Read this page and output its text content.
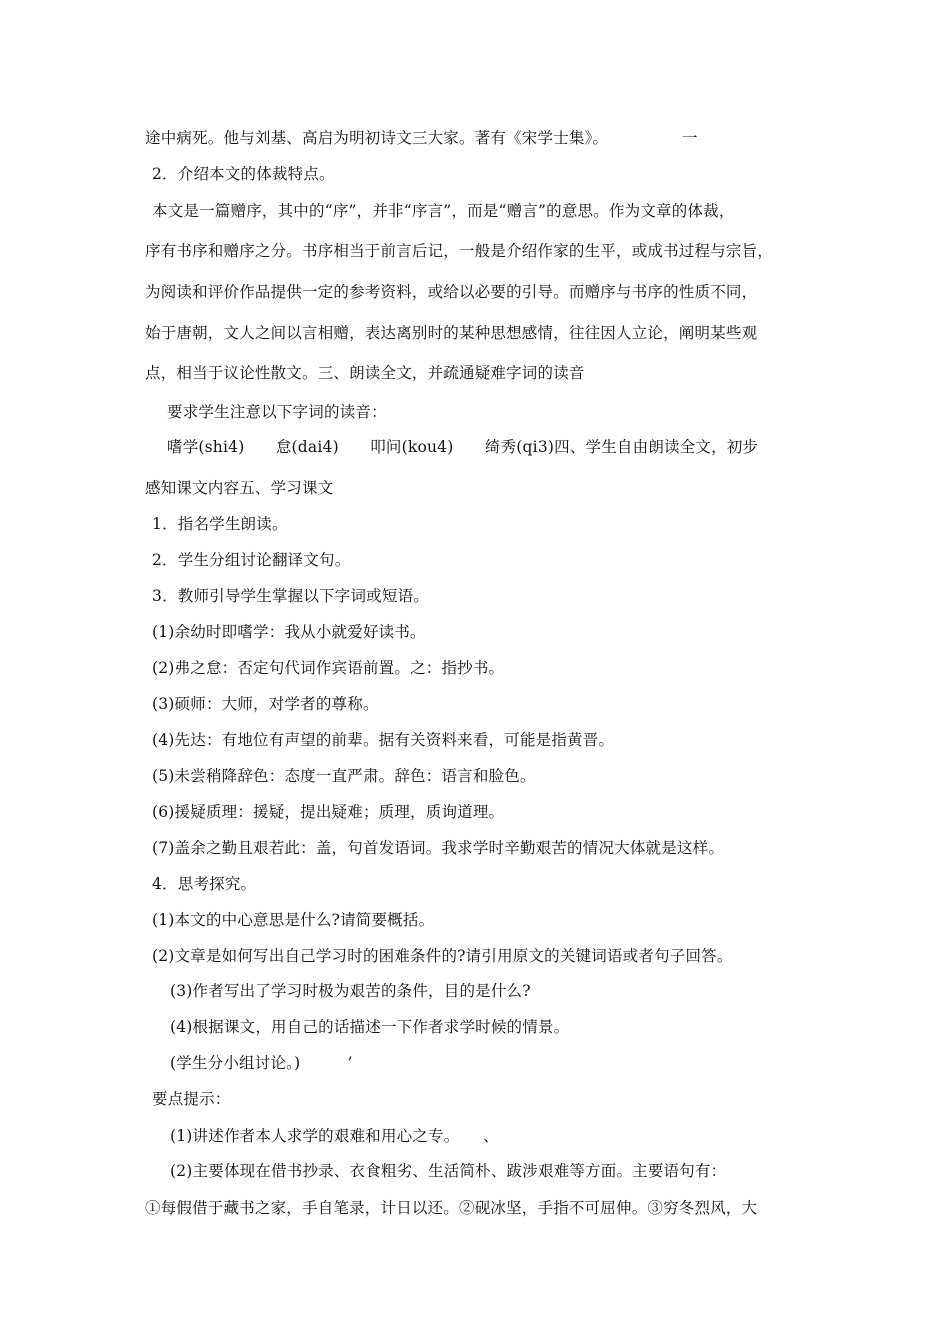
途中病死。他与刘基、高启为明初诗文三大家。著有《宋学士集》。	一
2．介绍本文的体裁特点。
本文是一篇赠序，其中的“序”，并非“序言”，而是“赠言”的意思。作为文章的体裁，
序有书序和赠序之分。书序相当于前言后记，一般是介绍作家的生平，或成书过程与宗旨，
为阅读和评价作品提供一定的参考资料，或给以必要的引导。而赠序与书序的性质不同，
始于唐朝，文人之间以言相赠，表达离别时的某种思想感情，往往因人立论，阐明某些观
点，相当于议论性散文。三、朗读全文，并疏通疑难字词的读音
要求学生注意以下字词的读音：
嗜学(shi4)　　怠(dai4)　　叩问(kou4)　　绮秀(qi3)四、学生自由朗读全文，初步
感知课文内容五、学习课文
1．指名学生朗读。
2．学生分组讨论翻译文句。
3．教师引导学生掌握以下字词或短语。
(1)余幼时即嗜学：我从小就爱好读书。
(2)弗之怠：否定句代词作宾语前置。之：指抄书。
(3)硕师：大师，对学者的尊称。
(4)先达：有地位有声望的前辈。据有关资料来看，可能是指黄晋。
(5)未尝稍降辞色：态度一直严肃。辞色：语言和脸色。
(6)援疑质理：援疑，提出疑难；质理，质询道理。
(7)盖余之勤且艰若此：盖，句首发语词。我求学时辛勤艰苦的情况大体就是这样。
4．思考探究。
(1)本文的中心意思是什么?请简要概括。
(2)文章是如何写出自己学习时的困难条件的?请引用原文的关键词语或者句子回答。
(3)作者写出了学习时极为艰苦的条件，目的是什么?
(4)根据课文，用自己的话描述一下作者求学时候的情景。
(学生分小组讨论。)　　　’
要点提示：
(1)讲述作者本人求学的艰难和用心之专。　　、
(2)主要体现在借书抄录、衣食粗劣、生活简朴、跋涉艰难等方面。主要语句有：
①每假借于藏书之家，手自笔录，计日以还。②砚冰坚，手指不可屈伸。③穷冬烈风，大
